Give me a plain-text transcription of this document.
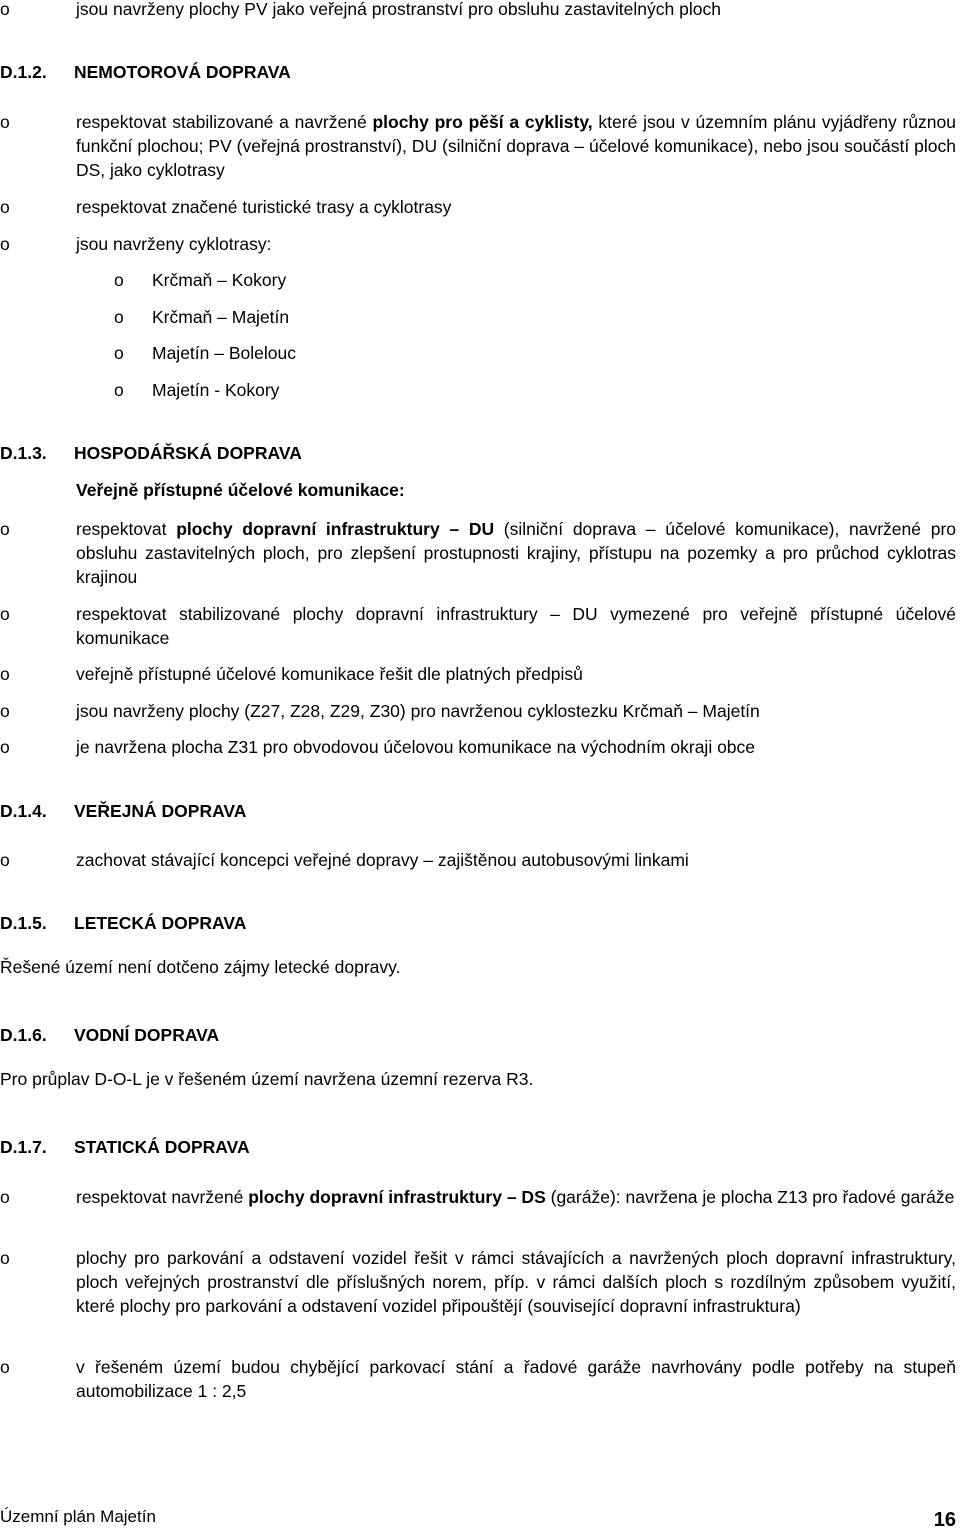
o	jsou navrženy plochy PV jako veřejná prostranství pro obsluhu zastavitelných ploch
D.1.2. NEMOTOROVÁ DOPRAVA
o	respektovat stabilizované a navržené plochy pro pěší a cyklisty, které jsou v územním plánu vyjádřeny různou funkční plochou; PV (veřejná prostranství), DU (silniční doprava – účelové komunikace), nebo jsou součástí ploch DS, jako cyklotrasy
o	respektovat značené turistické trasy a cyklotrasy
o	jsou navrženy cyklotrasy:
o Krčmaň – Kokory
o Krčmaň – Majetín
o Majetín – Bolelouc
o Majetín - Kokory
D.1.3. HOSPODÁŘSKÁ DOPRAVA
Veřejně přístupné účelové komunikace:
o	respektovat plochy dopravní infrastruktury – DU (silniční doprava – účelové komunikace), navržené pro obsluhu zastavitelných ploch, pro zlepšení prostupnosti krajiny, přístupu na pozemky a pro průchod cyklotras krajinou
o	respektovat stabilizované plochy dopravní infrastruktury – DU vymezené pro veřejně přístupné účelové komunikace
o	veřejně přístupné účelové komunikace řešit dle platných předpisů
o	jsou navrženy plochy (Z27, Z28, Z29, Z30) pro navrženou cyklostezku Krčmaň – Majetín
o	je navržena plocha Z31 pro obvodovou účelovou komunikace na východním okraji obce
D.1.4. VEŘEJNÁ DOPRAVA
o	zachovat stávající koncepci veřejné dopravy – zajištěnou autobusovými linkami
D.1.5. LETECKÁ DOPRAVA
Řešené území není dotčeno zájmy letecké dopravy.
D.1.6. VODNÍ DOPRAVA
Pro průplav D-O-L je v řešeném území navržena územní rezerva R3.
D.1.7. STATICKÁ DOPRAVA
o	respektovat navržené plochy dopravní infrastruktury – DS (garáže): navržena je plocha Z13 pro řadové garáže
o	plochy pro parkování a odstavení vozidel řešit v rámci stávajících a navržených ploch dopravní infrastruktury, ploch veřejných prostranství dle příslušných norem, příp. v rámci dalších ploch s rozdílným způsobem využití, které plochy pro parkování a odstavení vozidel připouštějí (související dopravní infrastruktura)
o	v řešeném území budou chybějící parkovací stání a řadové garáže navrhovány podle potřeby na stupeň automobilizace 1 : 2,5
Územní plán Majetín	16
